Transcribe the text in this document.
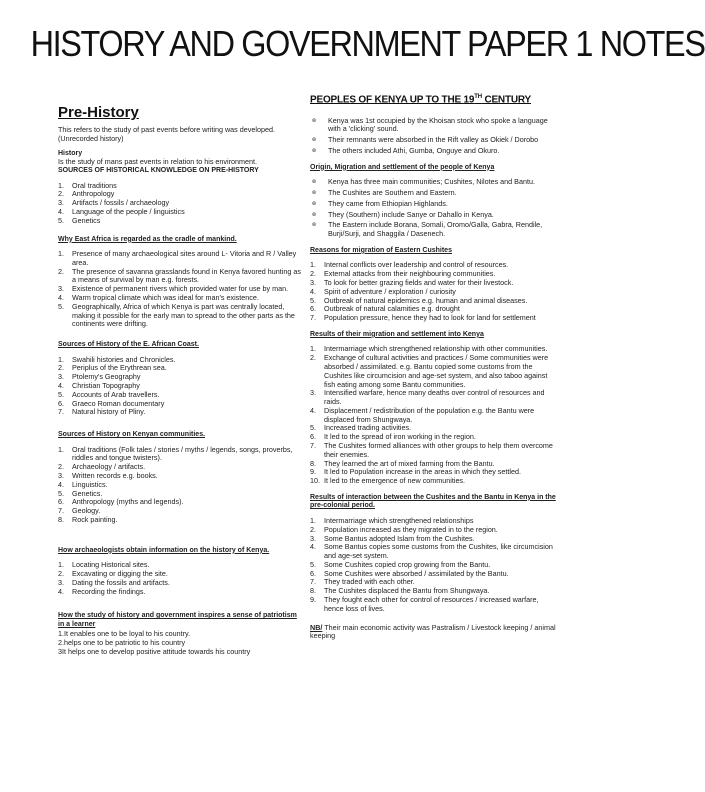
HISTORY AND GOVERNMENT PAPER 1 NOTES
Pre-History

This refers to the study of past events before writing was developed.(Unrecorded history)

History

Is the study of mans past events in relation to his environment.

SOURCES OF HISTORICAL KNOWLEDGE ON PRE-HISTORY

1. Oral traditions
2. Anthropology
3. Artifacts / fossils / archaeology
4. Language of the people / linguistics
5. Genetics
Why East Africa is regarded as the cradle of mankind.
1. Presence of many archaeological sites around L- Vitoria and R / Valley area.
2. The presence of savanna grasslands found in Kenya favored hunting as a means of survival by man e.g. forests.
3. Existence of permanent rivers which provided water for use by man.
4. Warm tropical climate which was ideal for man's existence.
5. Geographically, Africa of which Kenya is part was centrally located, making it possible for the early man to spread to the other parts as the continents were drifting.
Sources of History of the E. African Coast.
1. Swahili histories and Chronicles.
2. Periplus of the Erythrean sea.
3. Ptolemy's Geography
4. Christian Topography
5. Accounts of Arab travellers.
6. Graeco Roman documentary
7. Natural history of Pliny.
Sources of History on Kenyan communities.
1. Oral traditions (Folk tales / stories / myths / legends, songs, proverbs, riddles and tongue twisters).
2. Archaeology / artifacts.
3. Written records e.g. books.
4. Linguistics.
5. Genetics.
6. Anthropology (myths and legends).
7. Geology.
8. Rock painting.
How archaeologists obtain information on the history of Kenya.
1. Locating Historical sites.
2. Excavating or digging the site.
3. Dating the fossils and artifacts.
4. Recording the findings.
How the study of history and government inspires a sense of patriotism in a learner

1.It enables one to be loyal to his country.

2.helps one to be patriotic to his country

3It helps one to develop positive attitude towards his country

PEOPLES OF KENYA UP TO THE 19TH CENTURY
๏ Kenya was 1st occupied by the Khoisan stock who spoke a language with a 'clicking' sound.
๏ Their remnants were absorbed in the Rift valley as Okiek / Dorobo
๏ The others included Athi, Gumba, Onguye and Okuro.
Origin, Migration and settlement of the people of Kenya
๏ Kenya has three main communities; Cushites, Nilotes and Bantu.
๏ The Cushites are Southern and Eastern.
๏ They came from Ethiopian Highlands.
๏ They (Southern) include Sanye or Dahallo in Kenya.
๏ The Eastern include Borana, Somali, Oromo/Galla, Gabra, Rendile, Burji/Surji, and Shaggila / Dasenech.
Reasons for migration of Eastern Cushites
1. Internal conflicts over leadership and control of resources.
2. External attacks from their neighbouring communities.
3. To look for better grazing fields and water for their livestock.
4. Spirit of adventure / exploration / curiosity
5. Outbreak of natural epidemics e.g. human and animal diseases.
6. Outbreak of natural calamities e.g. drought
7. Population pressure, hence they had to look for land for settlement
Results of their migration and settlement into Kenya
1. Intermarriage which strengthened relationship with other communities.
2. Exchange of cultural activities and practices / Some communities were absorbed / assimilated. e.g. Bantu copied some customs from the Cushites like circumcision and age-set system, and also taboo against fish eating among some Bantu communities.
3. Intensified warfare, hence many deaths over control of resources and raids.
4. Displacement / redistribution of the population e.g. the Bantu were displaced from Shungwaya.
5. Increased trading activities.
6. It led to the spread of iron working in the region.
7. The Cushites formed alliances with other groups to help them overcome their enemies.
8. They learned the art of mixed farming from the Bantu.
9. It led to Population increase in the areas in which they settled.
10. It led to the emergence of new communities.
Results of interaction between the Cushites and the Bantu in Kenya in the pre-colonial period.
1. Intermarriage which strengthened relationships
2. Population increased as they migrated in to the region.
3. Some Bantus adopted Islam from the Cushites.
4. Some Bantus copies some customs from the Cushites, like circumcision and age-set system.
5. Some Cushites copied crop growing from the Bantu.
6. Some Cushites were absorbed / assimilated by the Bantu.
7. They traded with each other.
8. The Cushites displaced the Bantu from Shungwaya.
9. They fought each other for control of resources / increased warfare, hence loss of lives.

NB/ Their main economic activity was Pastralism / Livestock keeping / animal keeping
